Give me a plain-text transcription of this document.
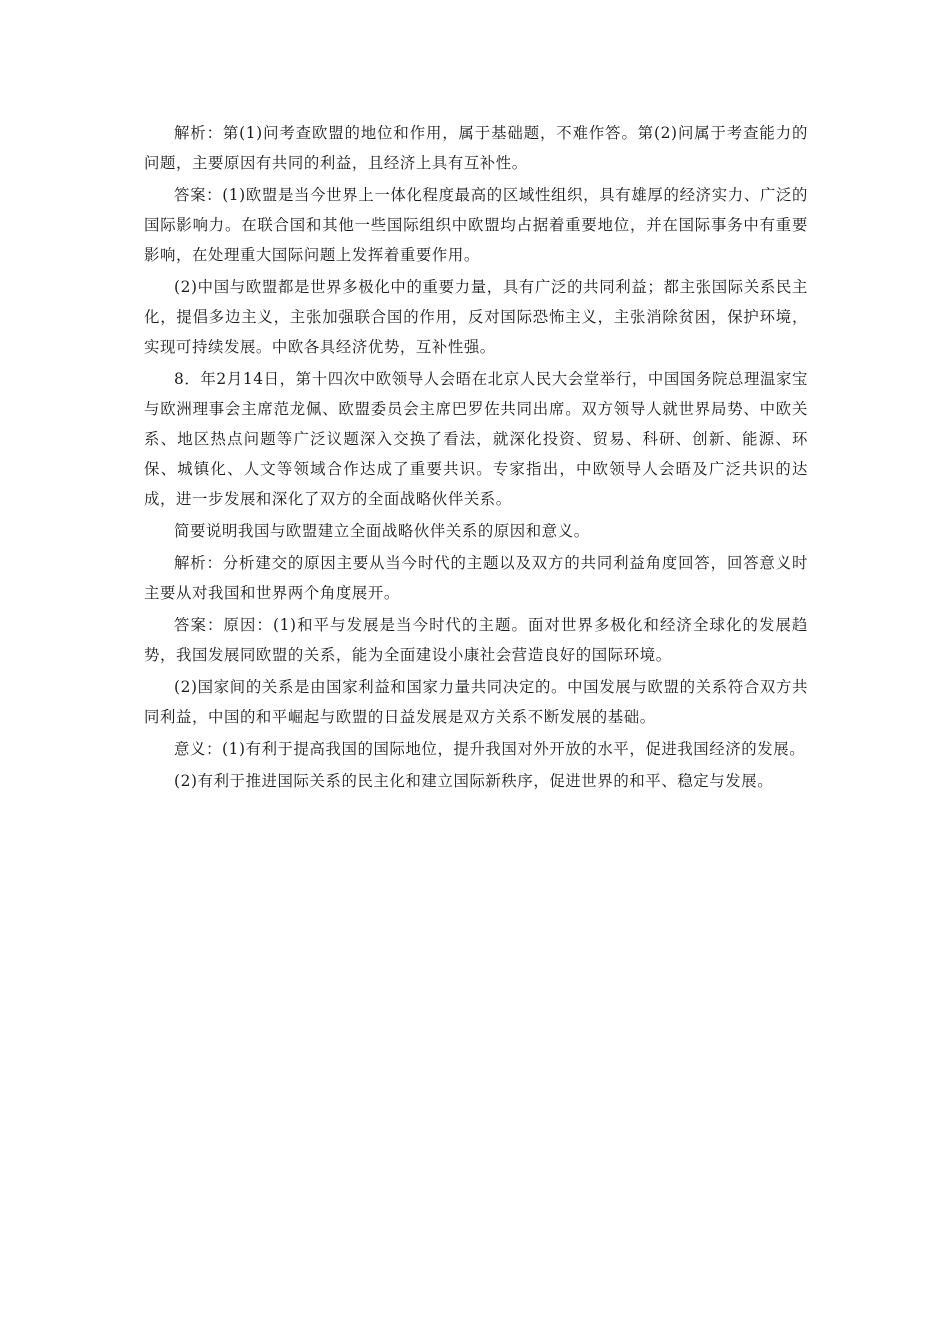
解析：第(1)问考查欧盟的地位和作用，属于基础题，不难作答。第(2)问属于考查能力的问题，主要原因有共同的利益，且经济上具有互补性。

答案：(1)欧盟是当今世界上一体化程度最高的区域性组织，具有雄厚的经济实力、广泛的国际影响力。在联合国和其他一些国际组织中欧盟均占据着重要地位，并在国际事务中有重要影响，在处理重大国际问题上发挥着重要作用。

(2)中国与欧盟都是世界多极化中的重要力量，具有广泛的共同利益；都主张国际关系民主化，提倡多边主义，主张加强联合国的作用，反对国际恐怖主义，主张消除贫困，保护环境，实现可持续发展。中欧各具经济优势，互补性强。

8．年2月14日，第十四次中欧领导人会晤在北京人民大会堂举行，中国国务院总理温家宝与欧洲理事会主席范龙佩、欧盟委员会主席巴罗佐共同出席。双方领导人就世界局势、中欧关系、地区热点问题等广泛议题深入交换了看法，就深化投资、贸易、科研、创新、能源、环保、城镇化、人文等领域合作达成了重要共识。专家指出，中欧领导人会晤及广泛共识的达成，进一步发展和深化了双方的全面战略伙伴关系。

简要说明我国与欧盟建立全面战略伙伴关系的原因和意义。

解析：分析建交的原因主要从当今时代的主题以及双方的共同利益角度回答，回答意义时主要从对我国和世界两个角度展开。

答案：原因：(1)和平与发展是当今时代的主题。面对世界多极化和经济全球化的发展趋势，我国发展同欧盟的关系，能为全面建设小康社会营造良好的国际环境。

(2)国家间的关系是由国家利益和国家力量共同决定的。中国发展与欧盟的关系符合双方共同利益，中国的和平崛起与欧盟的日益发展是双方关系不断发展的基础。

意义：(1)有利于提高我国的国际地位，提升我国对外开放的水平，促进我国经济的发展。

(2)有利于推进国际关系的民主化和建立国际新秩序，促进世界的和平、稳定与发展。
